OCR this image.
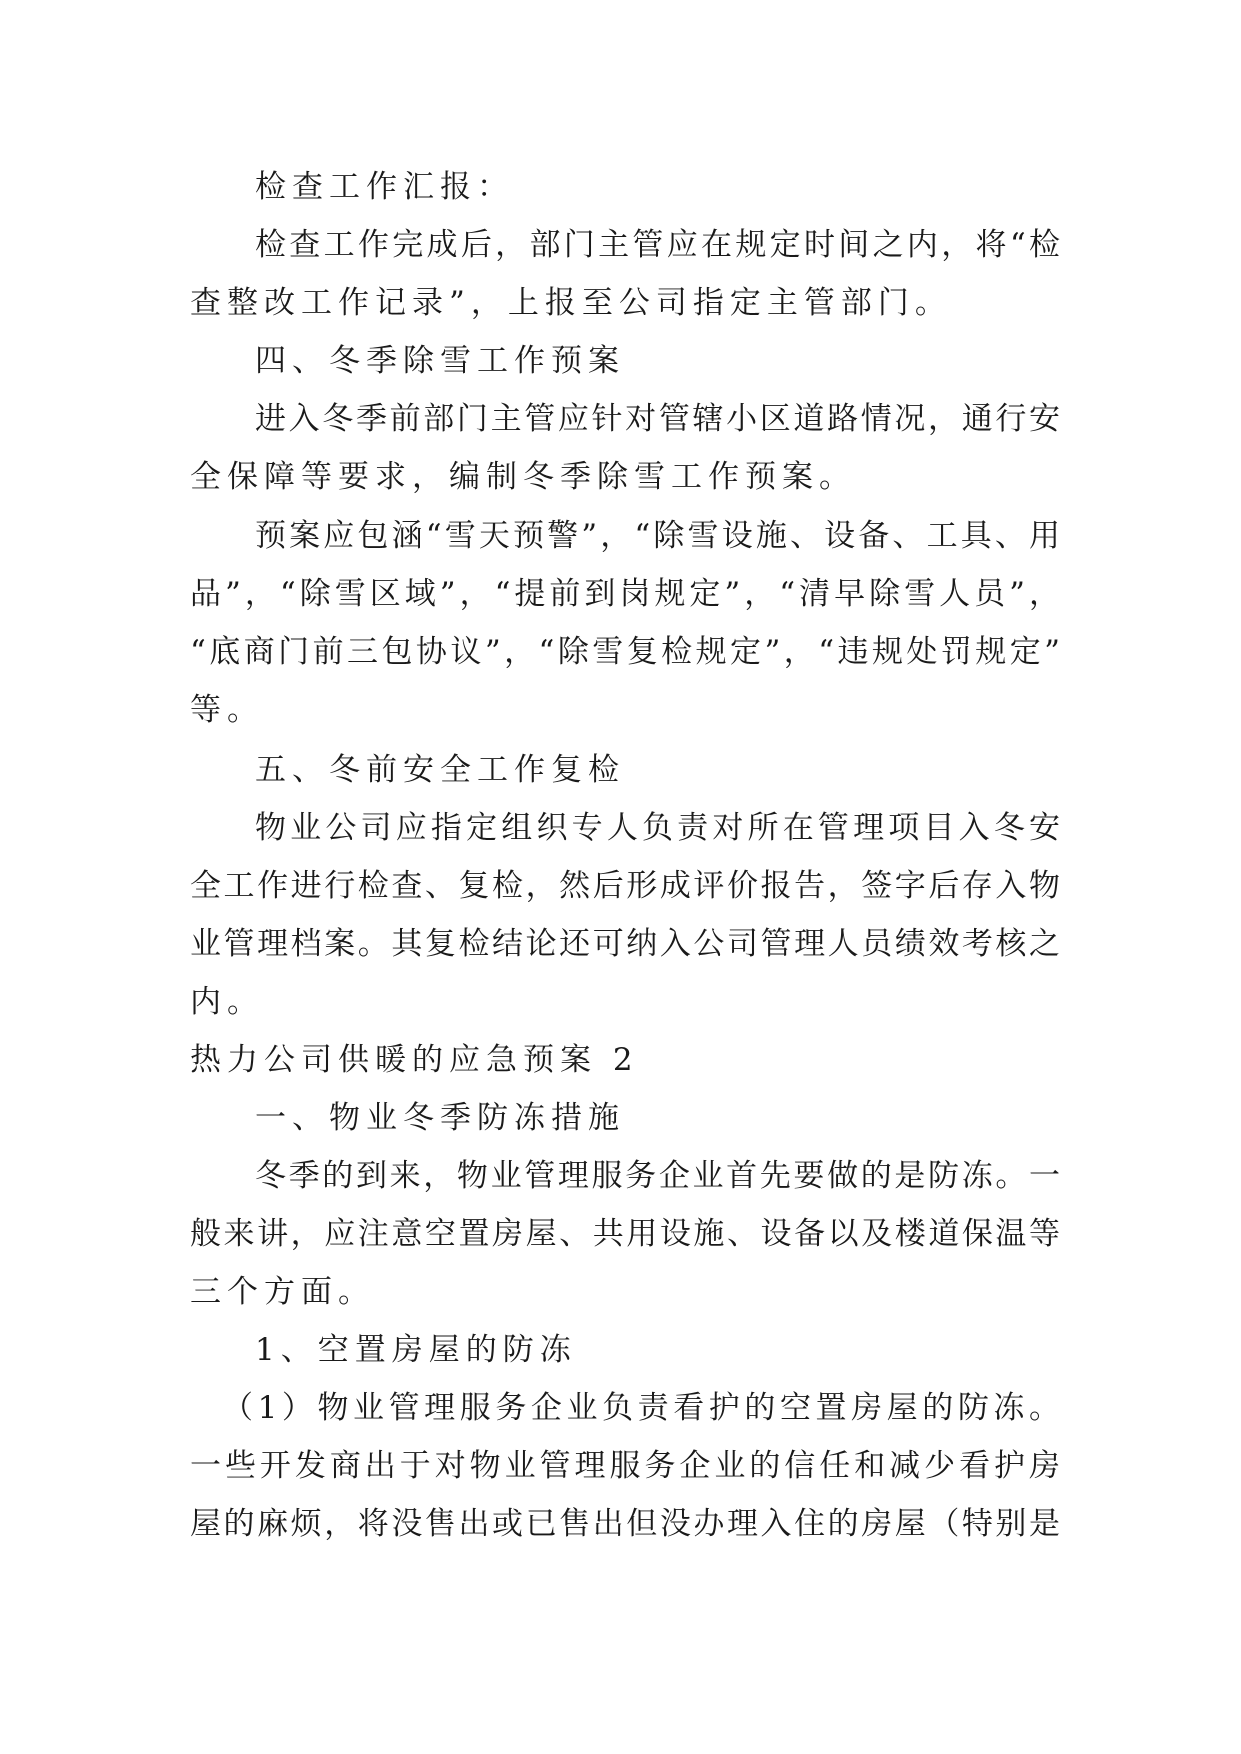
检查工作汇报：
检查工作完成后，部门主管应在规定时间之内，将“检
查整改工作记录”，上报至公司指定主管部门。
四、冬季除雪工作预案
进入冬季前部门主管应针对管辖小区道路情况，通行安
全保障等要求，编制冬季除雪工作预案。
预案应包涵“雪天预警”，“除雪设施、设备、工具、用
品”，“除雪区域”，“提前到岗规定”，“清早除雪人员”，
“底商门前三包协议”，“除雪复检规定”，“违规处罚规定”
等。
五、冬前安全工作复检
物业公司应指定组织专人负责对所在管理项目入冬安
全工作进行检查、复检，然后形成评价报告，签字后存入物
业管理档案。其复检结论还可纳入公司管理人员绩效考核之
内。
热力公司供暖的应急预案 2
一、物业冬季防冻措施
冬季的到来，物业管理服务企业首先要做的是防冻。一
般来讲，应注意空置房屋、共用设施、设备以及楼道保温等
三个方面。
1、空置房屋的防冻
（1）物业管理服务企业负责看护的空置房屋的防冻。
一些开发商出于对物业管理服务企业的信任和减少看护房
屋的麻烦，将没售出或已售出但没办理入住的房屋（特别是
